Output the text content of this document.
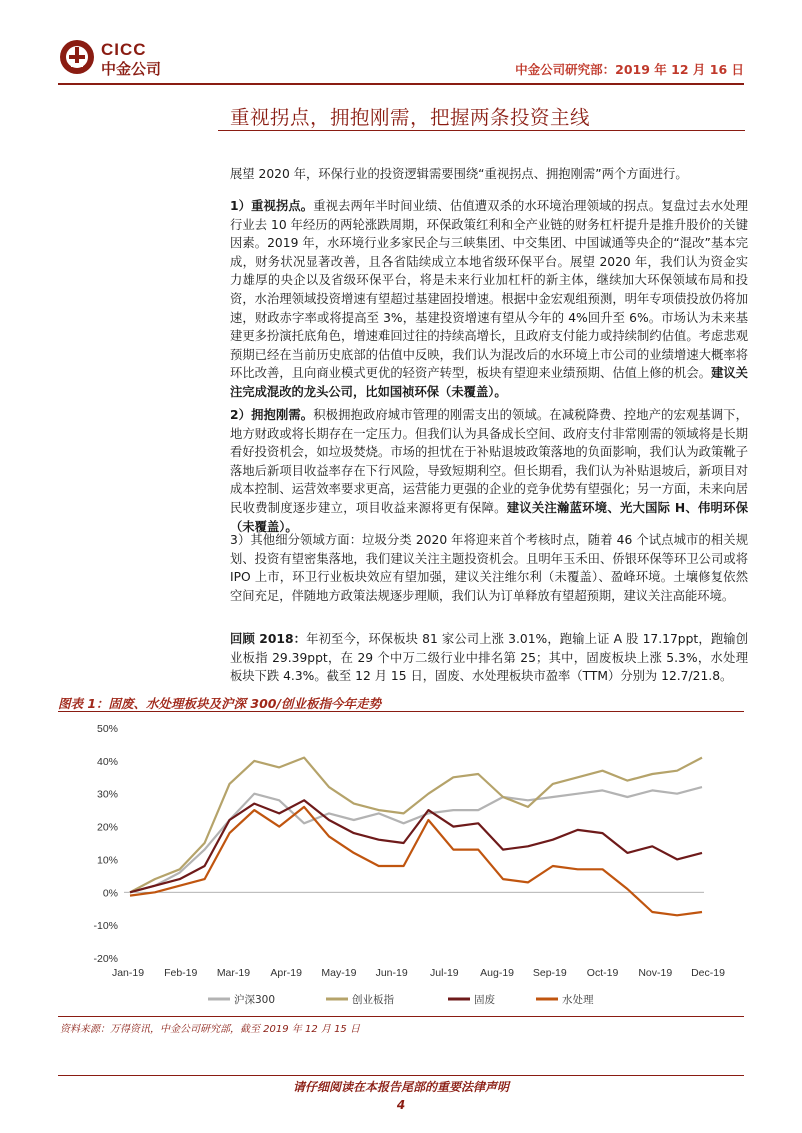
CICC
中金公司	中金公司研究部：2019 年 12 月 16 日
重视拐点，拥抱刚需，把握两条投资主线
展望 2020 年，环保行业的投资逻辑需要围绕“重视拐点、拥抱刚需”两个方面进行。
1）重视拐点。重视去两年半时间业绩、估值遭双杀的水环境治理领域的拐点。复盘过去水处理行业去 10 年经历的两轮涨跌周期，环保政策红利和全产业链的财务杠杆提升是推升股价的关键因素。2019 年，水环境行业多家民企与三峡集团、中交集团、中国诚通等央企的“混改”基本完成，财务状况显著改善，且各省陆续成立本地省级环保平台。展望 2020 年，我们认为资金实力雄厚的央企以及省级环保平台，将是未来行业加杠杆的新主体，继续加大环保领域布局和投资，水治理领域投资增速有望超过基建固投增速。根据中金宏观组预测，明年专项债投放仍将加速，财政赤字率或将提高至 3%，基建投资增速有望从今年的 4%回升至 6%。市场认为未来基建更多扮演托底角色，增速难回过往的持续高增长，且政府支付能力或持续制约估值。考虑悲观预期已经在当前历史底部的估值中反映，我们认为混改后的水环境上市公司的业绩增速大概率将环比改善，且向商业模式更优的轻资产转型，板块有望迎来业绩预期、估值上修的机会。建议关注完成混改的龙头公司，比如国祯环保（未覆盖）。
2）拥抱刚需。积极拥抱政府城市管理的刚需支出的领域。在减税降费、控地产的宏观基调下，地方财政或将长期存在一定压力。但我们认为具备成长空间、政府支付非常刚需的领域将是长期看好投资机会，如垃圾焚烧。市场的担忧在于补贴退坡政策落地的负面影响，我们认为政策靴子落地后新项目收益率存在下行风险，导致短期利空。但长期看，我们认为补贴退坡后，新项目对成本控制、运营效率要求更高，运营能力更强的企业的竞争优势有望强化；另一方面，未来向居民收费制度逐步建立，项目收益来源将更有保障。建议关注瀚蓝环境、光大国际 H、伟明环保（未覆盖）。
3）其他细分领域方面：垃圾分类 2020 年将迎来首个考核时点，随着 46 个试点城市的相关规划、投资有望密集落地，我们建议关注主题投资机会。且明年玉禾田、侨银环保等环卫公司或将 IPO 上市，环卫行业板块效应有望加强，建议关注维尔利（未覆盖）、盈峰环境。土壤修复依然空间充足，伴随地方政策法规逐步理顺，我们认为订单释放有望超预期，建议关注高能环境。
回顾 2018：年初至今，环保板块 81 家公司上涨 3.01%，跑输上证 A 股 17.17ppt，跑输创业板指 29.39ppt，在 29 个中万二级行业中排名第 25；其中，固废板块上涨 5.3%，水处理板块下跌 4.3%。截至 12 月 15 日，固废、水处理板块市盈率（TTM）分别为 12.7/21.8。
图表 1：固废、水处理板块及沪深 300/创业板指今年走势
50%
40%
30%
20%
10%
0%
-10%
-20%
Jan-19 Feb-19 Mar-19 Apr-19 May-19 Jun-19 Jul-19 Aug-19 Sep-19 Oct-19 Nov-19 Dec-19
沪深300	创业板指	固废	水处理
资料来源：万得资讯，中金公司研究部，截至 2019 年 12 月 15 日
请仔细阅读在本报告尾部的重要法律声明
4
